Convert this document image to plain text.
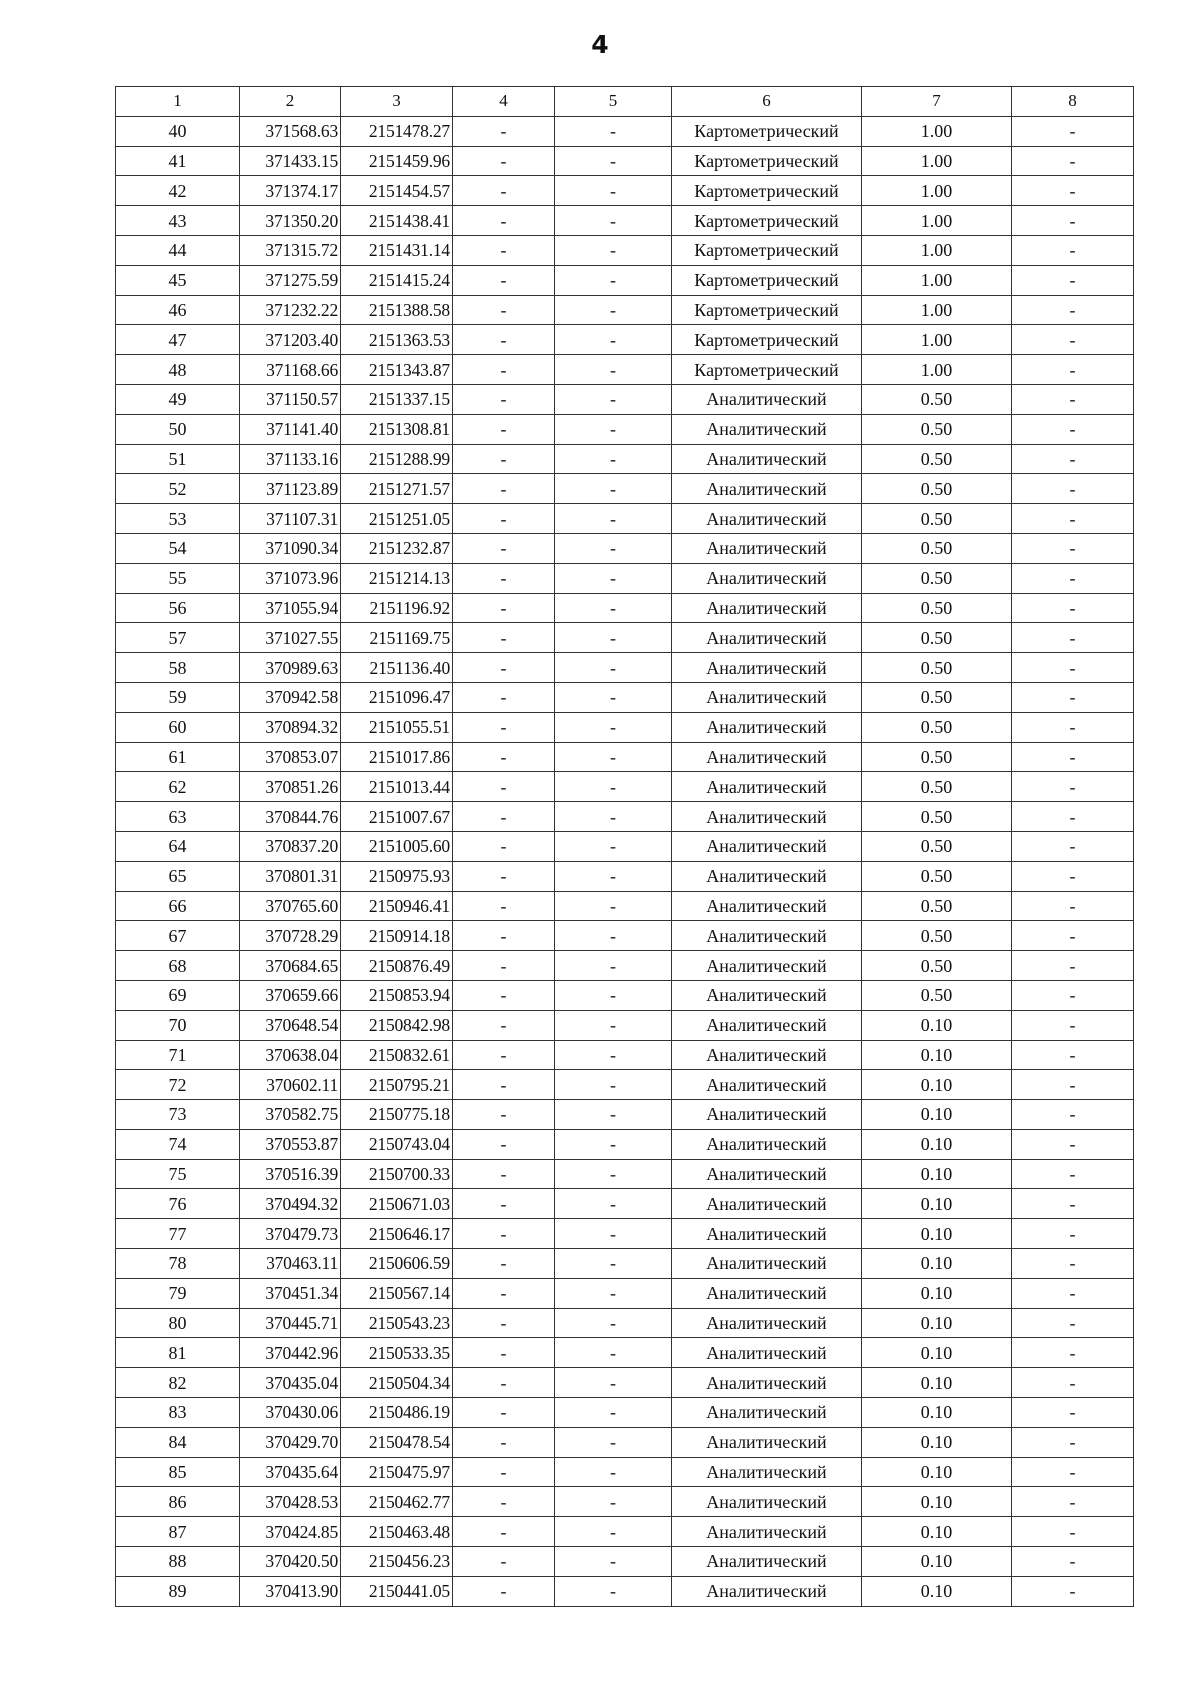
4
1	2	3	4	5	6	7	8
40	371568.63	2151478.27	-	-	Картометрический	1.00	-
41	371433.15	2151459.96	-	-	Картометрический	1.00	-
42	371374.17	2151454.57	-	-	Картометрический	1.00	-
43	371350.20	2151438.41	-	-	Картометрический	1.00	-
44	371315.72	2151431.14	-	-	Картометрический	1.00	-
45	371275.59	2151415.24	-	-	Картометрический	1.00	-
46	371232.22	2151388.58	-	-	Картометрический	1.00	-
47	371203.40	2151363.53	-	-	Картометрический	1.00	-
48	371168.66	2151343.87	-	-	Картометрический	1.00	-
49	371150.57	2151337.15	-	-	Аналитический	0.50	-
50	371141.40	2151308.81	-	-	Аналитический	0.50	-
51	371133.16	2151288.99	-	-	Аналитический	0.50	-
52	371123.89	2151271.57	-	-	Аналитический	0.50	-
53	371107.31	2151251.05	-	-	Аналитический	0.50	-
54	371090.34	2151232.87	-	-	Аналитический	0.50	-
55	371073.96	2151214.13	-	-	Аналитический	0.50	-
56	371055.94	2151196.92	-	-	Аналитический	0.50	-
57	371027.55	2151169.75	-	-	Аналитический	0.50	-
58	370989.63	2151136.40	-	-	Аналитический	0.50	-
59	370942.58	2151096.47	-	-	Аналитический	0.50	-
60	370894.32	2151055.51	-	-	Аналитический	0.50	-
61	370853.07	2151017.86	-	-	Аналитический	0.50	-
62	370851.26	2151013.44	-	-	Аналитический	0.50	-
63	370844.76	2151007.67	-	-	Аналитический	0.50	-
64	370837.20	2151005.60	-	-	Аналитический	0.50	-
65	370801.31	2150975.93	-	-	Аналитический	0.50	-
66	370765.60	2150946.41	-	-	Аналитический	0.50	-
67	370728.29	2150914.18	-	-	Аналитический	0.50	-
68	370684.65	2150876.49	-	-	Аналитический	0.50	-
69	370659.66	2150853.94	-	-	Аналитический	0.50	-
70	370648.54	2150842.98	-	-	Аналитический	0.10	-
71	370638.04	2150832.61	-	-	Аналитический	0.10	-
72	370602.11	2150795.21	-	-	Аналитический	0.10	-
73	370582.75	2150775.18	-	-	Аналитический	0.10	-
74	370553.87	2150743.04	-	-	Аналитический	0.10	-
75	370516.39	2150700.33	-	-	Аналитический	0.10	-
76	370494.32	2150671.03	-	-	Аналитический	0.10	-
77	370479.73	2150646.17	-	-	Аналитический	0.10	-
78	370463.11	2150606.59	-	-	Аналитический	0.10	-
79	370451.34	2150567.14	-	-	Аналитический	0.10	-
80	370445.71	2150543.23	-	-	Аналитический	0.10	-
81	370442.96	2150533.35	-	-	Аналитический	0.10	-
82	370435.04	2150504.34	-	-	Аналитический	0.10	-
83	370430.06	2150486.19	-	-	Аналитический	0.10	-
84	370429.70	2150478.54	-	-	Аналитический	0.10	-
85	370435.64	2150475.97	-	-	Аналитический	0.10	-
86	370428.53	2150462.77	-	-	Аналитический	0.10	-
87	370424.85	2150463.48	-	-	Аналитический	0.10	-
88	370420.50	2150456.23	-	-	Аналитический	0.10	-
89	370413.90	2150441.05	-	-	Аналитический	0.10	-
